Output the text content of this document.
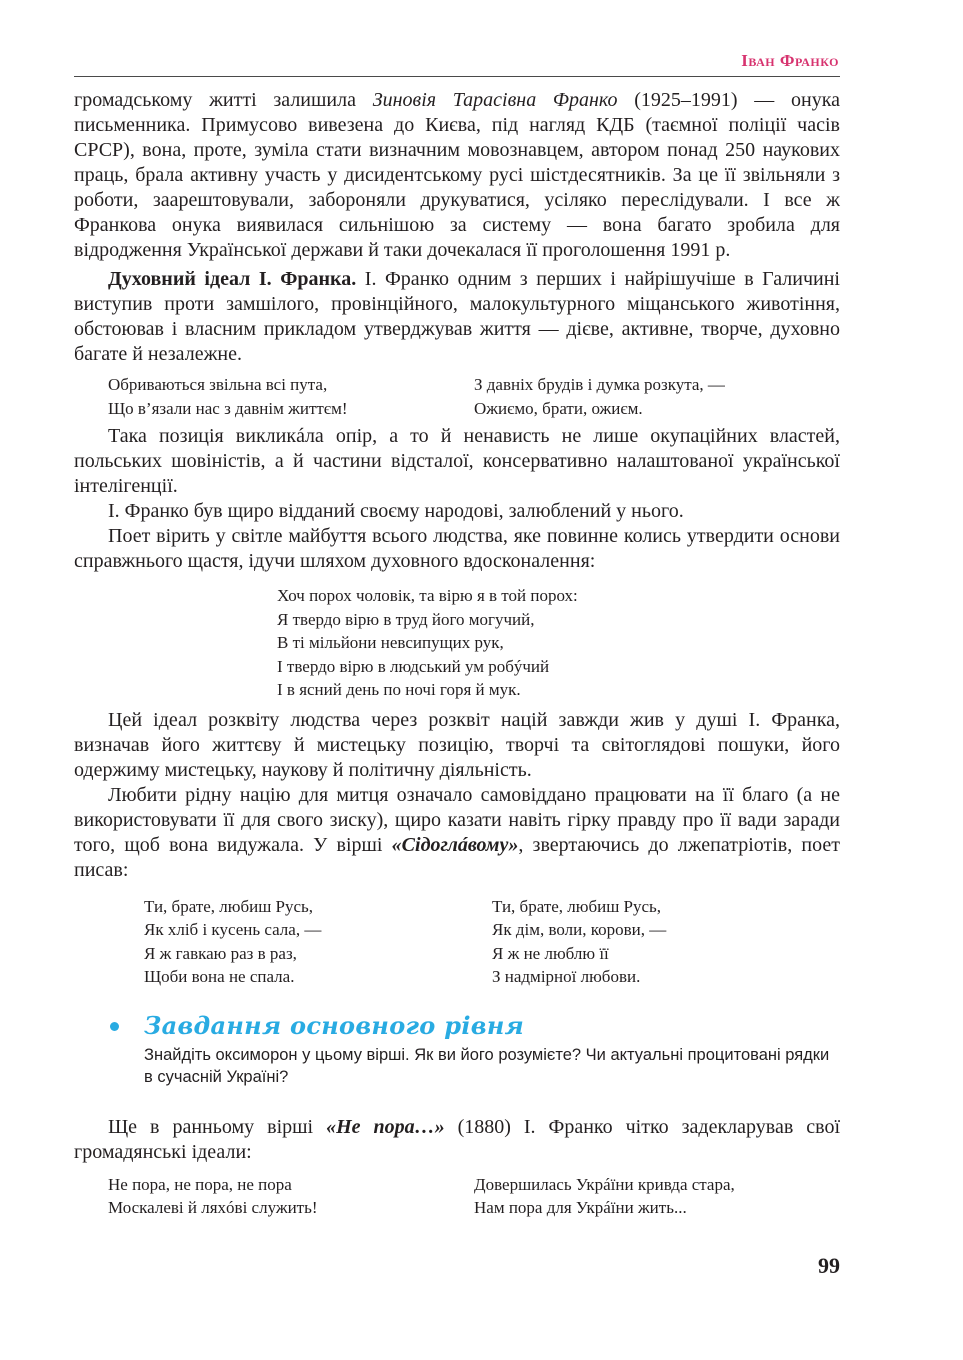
Іван Франко

громадському житті залишила Зиновія Тарасівна Франко (1925–1991) — онука письменника. Примусово вивезена до Києва, під нагляд КДБ (таємної поліції часів СРСР), вона, проте, зуміла стати визначним мовознавцем, автором понад 250 наукових праць, брала активну участь у дисидентському русі шістдесятників. За це її звільняли з роботи, заарештовували, забороняли друкуватися, усіляко переслідували. І все ж Франкова онука виявилася сильнішою за систему — вона багато зробила для відродження Української держави й таки дочекалася її проголошення 1991 р.

Духовний ідеал І. Франка. І. Франко одним з перших і найрішучіше в Галичині виступив проти замшілого, провінційного, малокультурного міщанського животіння, обстоював і власним прикладом утверджував життя — дієве, активне, творче, духовно багате й незалежне.

Обриваються звільна всі пута,
Що в’язали нас з давнім життєм!
З давніх брудів і думка розкута, —
Ожиємо, брати, ожиєм.

Така позиція викликáла опір, а то й ненависть не лише окупаційних властей, польських шовіністів, а й частини відсталої, консервативно налаштованої української інтелігенції.

І. Франко був щиро відданий своєму народові, залюблений у нього.

Поет вірить у світле майбуття всього людства, яке повинне колись утвердити основи справжнього щастя, ідучи шляхом духовного вдосконалення:

Хоч порох чоловік, та вірю я в той порох:
Я твердо вірю в труд його могучий,
В ті мільйони невсипущих рук,
І твердо вірю в людський ум робýчий
І в ясний день по ночі горя й мук.

Цей ідеал розквіту людства через розквіт націй завжди жив у душі І. Франка, визначав його життєву й мистецьку позицію, творчі та світоглядові пошуки, його одержиму мистецьку, наукову й політичну діяльність.

Любити рідну націю для митця означало самовіддано працювати на її благо (а не використовувати її для свого зиску), щиро казати навіть гірку правду про її вади заради того, щоб вона видужала. У вірші «Сідоглáвому», звертаючись до лжепатріотів, поет писав:

Ти, брате, любиш Русь,
Як хліб і кусень сала, —
Я ж гавкаю раз в раз,
Щоби вона не спала.
Ти, брате, любиш Русь,
Як дім, воли, корови, —
Я ж не люблю її
З надмірної любови.
Завдання основного рівня
Знайдіть оксиморон у цьому вірші. Як ви його розумієте? Чи актуальні процитовані рядки в сучасній Україні?

Ще в ранньому вірші «Не пора…» (1880) І. Франко чітко задекларував свої громадянські ідеали:

Не пора, не пора, не пора
Москалеві й ляхóві служить!
Довершилась Укрáїни кривда стара,
Нам пора для Укрáїни жить...
99
